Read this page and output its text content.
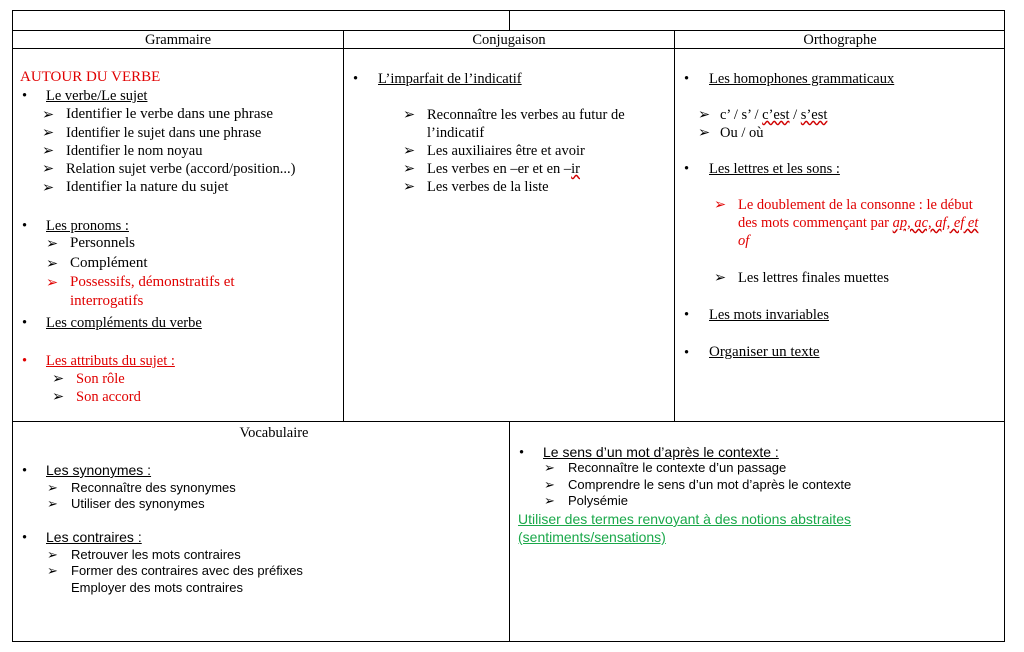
Grammaire	Conjugaison	Orthographe
Vocabulaire
AUTOUR DU VERBE
• Le verbe/Le sujet
➢ Identifier le verbe dans une phrase
➢ Identifier le sujet dans une phrase
➢ Identifier le nom noyau
➢ Relation sujet verbe (accord/position...)
➢ Identifier la nature du sujet
• Les pronoms :
➢ Personnels
➢ Complément
➢ Possessifs, démonstratifs et
interrogatifs
• Les compléments du verbe
• Les attributs du sujet :
➢ Son rôle
➢ Son accord
• L’imparfait de l’indicatif
➢ Reconnaître les verbes au futur de
l’indicatif
➢ Les auxiliaires être et avoir
➢ Les verbes en –er et en –ir
➢ Les verbes de la liste
• Les homophones grammaticaux
➢ c’ / s’ / c’est / s’est
➢ Ou / où
• Les lettres et les sons :
➢ Le doublement de la consonne : le début
des mots commençant par ap, ac, af, ef et
of
➢ Les lettres finales muettes
• Les mots invariables
• Organiser un texte
• Les synonymes :
➢ Reconnaître des synonymes
➢ Utiliser des synonymes
• Les contraires :
➢ Retrouver les mots contraires
➢ Former des contraires avec des préfixes
Employer des mots contraires
• Le sens d’un mot d’après le contexte :
➢ Reconnaître le contexte d’un passage
➢ Comprendre le sens d’un mot d’après le contexte
➢ Polysémie
Utiliser des termes renvoyant à des notions abstraites
(sentiments/sensations)
